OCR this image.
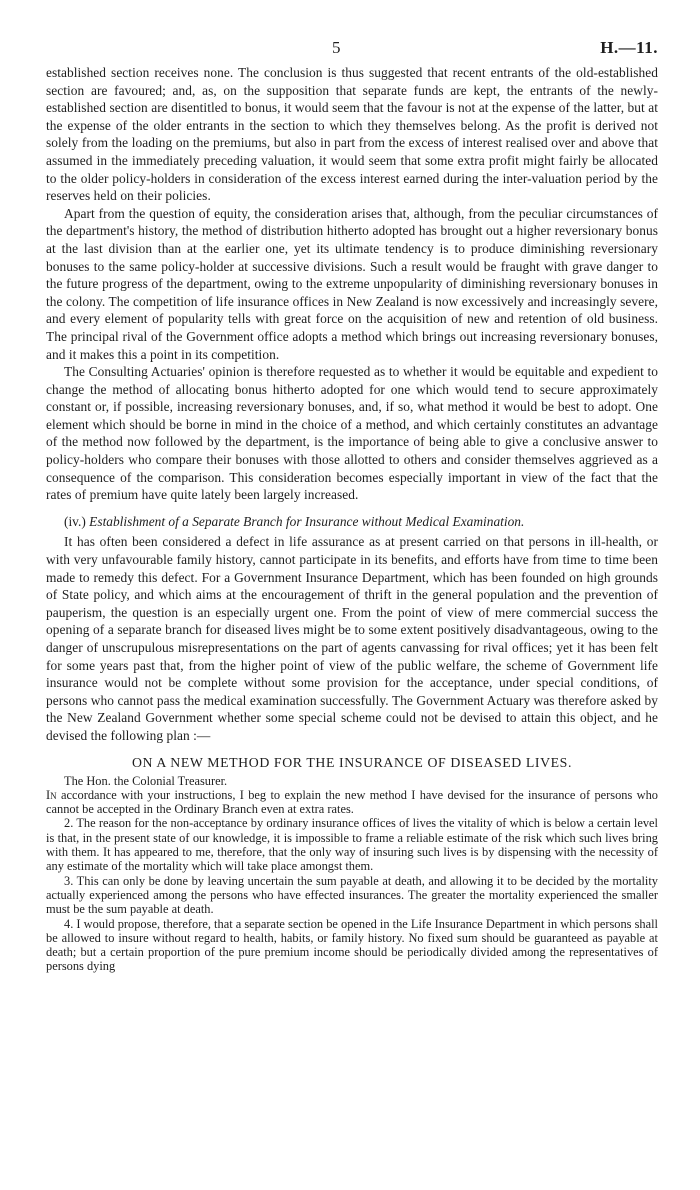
5	H.—11.

established section receives none. The conclusion is thus suggested that recent entrants of the old-established section are favoured; and, as, on the supposition that separate funds are kept, the entrants of the newly-established section are disentitled to bonus, it would seem that the favour is not at the expense of the latter, but at the expense of the older entrants in the section to which they themselves belong. As the profit is derived not solely from the loading on the premiums, but also in part from the excess of interest realised over and above that assumed in the immediately preceding valuation, it would seem that some extra profit might fairly be allocated to the older policy-holders in consideration of the excess interest earned during the inter-valuation period by the reserves held on their policies.

Apart from the question of equity, the consideration arises that, although, from the peculiar circumstances of the department's history, the method of distribution hitherto adopted has brought out a higher reversionary bonus at the last division than at the earlier one, yet its ultimate tendency is to produce diminishing reversionary bonuses to the same policy-holder at successive divisions. Such a result would be fraught with grave danger to the future progress of the department, owing to the extreme unpopularity of diminishing reversionary bonuses in the colony. The competition of life insurance offices in New Zealand is now excessively and increasingly severe, and every element of popularity tells with great force on the acquisition of new and retention of old business. The principal rival of the Government office adopts a method which brings out increasing reversionary bonuses, and it makes this a point in its competition.

The Consulting Actuaries' opinion is therefore requested as to whether it would be equitable and expedient to change the method of allocating bonus hitherto adopted for one which would tend to secure approximately constant or, if possible, increasing reversionary bonuses, and, if so, what method it would be best to adopt. One element which should be borne in mind in the choice of a method, and which certainly constitutes an advantage of the method now followed by the department, is the importance of being able to give a conclusive answer to policy-holders who compare their bonuses with those allotted to others and consider themselves aggrieved as a consequence of the comparison. This consideration becomes especially important in view of the fact that the rates of premium have quite lately been largely increased.

(iv.) Establishment of a Separate Branch for Insurance without Medical Examination.

It has often been considered a defect in life assurance as at present carried on that persons in ill-health, or with very unfavourable family history, cannot participate in its benefits, and efforts have from time to time been made to remedy this defect. For a Government Insurance Department, which has been founded on high grounds of State policy, and which aims at the encouragement of thrift in the general population and the prevention of pauperism, the question is an especially urgent one. From the point of view of mere commercial success the opening of a separate branch for diseased lives might be to some extent positively disadvantageous, owing to the danger of unscrupulous misrepresentations on the part of agents canvassing for rival offices; yet it has been felt for some years past that, from the higher point of view of the public welfare, the scheme of Government life insurance would not be complete without some provision for the acceptance, under special conditions, of persons who cannot pass the medical examination successfully. The Government Actuary was therefore asked by the New Zealand Government whether some special scheme could not be devised to attain this object, and he devised the following plan :—

ON A NEW METHOD FOR THE INSURANCE OF DISEASED LIVES.

The Hon. the Colonial Treasurer.

In accordance with your instructions, I beg to explain the new method I have devised for the insurance of persons who cannot be accepted in the Ordinary Branch even at extra rates.

2. The reason for the non-acceptance by ordinary insurance offices of lives the vitality of which is below a certain level is that, in the present state of our knowledge, it is impossible to frame a reliable estimate of the risk which such lives bring with them. It has appeared to me, therefore, that the only way of insuring such lives is by dispensing with the necessity of any estimate of the mortality which will take place amongst them.

3. This can only be done by leaving uncertain the sum payable at death, and allowing it to be decided by the mortality actually experienced among the persons who have effected insurances. The greater the mortality experienced the smaller must be the sum payable at death.

4. I would propose, therefore, that a separate section be opened in the Life Insurance Department in which persons shall be allowed to insure without regard to health, habits, or family history. No fixed sum should be guaranteed as payable at death; but a certain proportion of the pure premium income should be periodically divided among the representatives of persons dying
